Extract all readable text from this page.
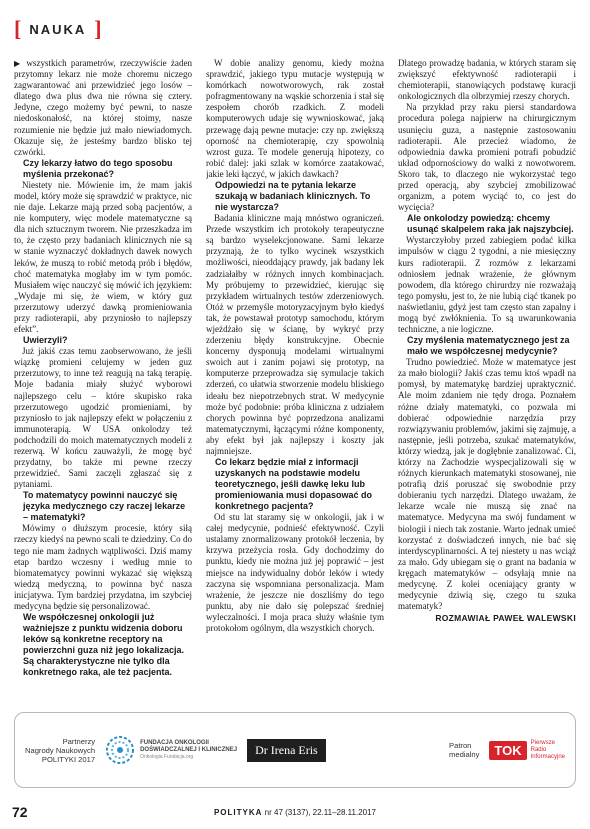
[ NAUKA ]

▶ wszystkich parametrów, rzeczywiście żaden przytomny lekarz nie może choremu niczego zagwarantować ani przewidzieć jego losów – dlatego dwa plus dwa nie równa się cztery. Jedyne, czego możemy być pewni, to nasze niedoskonałość, na której stoimy, nasze rozumienie nie będzie już mało niewiadomych. Okazuje się, że jesteśmy bardzo blisko tej czwórki.

Czy lekarzy łatwo do tego sposobu myślenia przekonać?

Niestety nie. Mówienie im, że mam jakiś model, który może się sprawdzić w praktyce, nic nie daje. Lekarze mają przed sobą pacjentów, a nie komputery, więc modele matematyczne są dla nich sztucznym tworem. Nie przeszkadza im to, że często przy badaniach klinicznych nie są w stanie wyznaczyć dokładnych dawek nowych leków, że muszą to robić metodą prób i błędów, choć matematyka mogłaby im w tym pomóc. Musiałem więc nauczyć się mówić ich językiem: „Wydaje mi się, że wiem, w który guz przerzutowy uderzyć dawką promieniowania przy radioterapii, aby przyniosło to najlepszy efekt”.

Uwierzyli?

Już jakiś czas temu zaobserwowano, że jeśli wiązkę promieni celujemy w jeden guz przerzutowy, to inne też reagują na taką terapię. Moje badania miały służyć wyborowi najlepszego celu – które skupisko raka przerzutowego ugodzić promieniami, by przyniosło to jak najlepszy efekt w połączeniu z immunoterapią. W USA onkolodzy też podchodzili do moich matematycznych modeli z rezerwą. W końcu zauważyli, że mogę być przydatny, bo także mi pewne rzeczy przewidzieć. Sami zaczęli zgłaszać się z pytaniami.

To matematycy powinni nauczyć się języka medycznego czy raczej lekarze – matematyki?

Mówimy o dłuższym procesie, który siłą rzeczy kiedyś na pewno scali te dziedziny. Co do tego nie mam żadnych wątpliwości. Dziś mamy etap bardzo wczesny i według mnie to biomatematycy powinni wykazać się większą wiedzą medyczną, to powinna być nasza inicjatywa. Tym bardziej przydatna, im szybciej medycyna będzie się personalizować.

We współczesnej onkologii już ważniejsze z punktu widzenia doboru leków są konkretne receptory na powierzchni guza niż jego lokalizacja. Są charakterystyczne nie tylko dla konkretnego raka, ale też pacjenta.

W dobie analizy genomu, kiedy można sprawdzić, jakiego typu mutacje występują w komórkach nowotworowych, rak został pofragmentowany na wąskie schorzenia i stał się zespołem chorób rzadkich. Z modeli komputerowych udaje się wywnioskować, jaką przewagę dają pewne mutacje: czy np. zwiększą oporność na chemioterapię, czy spowolnią wzrost guza. Te modele generują hipotezy, co robić dalej: jaki szlak w komórce zaatakować, jakie leki łączyć, w jakich dawkach?

Odpowiedzi na te pytania lekarze szukają w badaniach klinicznych. To nie wystarcza?

Badania kliniczne mają mnóstwo ograniczeń. Przede wszystkim ich protokoły terapeutyczne są bardzo wyselekcjonowane. Sami lekarze przyznają, że to tylko wycinek wszystkich możliwości, nieoddający prawdy, jak badany lek zadziałałby w różnych innych kombinacjach. My próbujemy to przewidzieć, kierując się przykładem wirtualnych testów zderzeniowych. Otóż w przemyśle motoryzacyjnym było kiedyś tak, że powstawał prototyp samochodu, którym wjeżdżało się w ścianę, by wykryć przy zderzeniu błędy konstrukcyjne. Obecnie koncerny dysponują modelami wirtualnymi swoich aut i zanim pojawi się prototyp, na komputerze przeprowadza się symulacje takich zderzeń, co ułatwia stworzenie modelu bliskiego ideału bez niepotrzebnych strat. W medycynie może być podobnie: próba kliniczna z udziałem chorych powinna być poprzedzona analizami matematycznymi, łączącymi różne komponenty, aby efekt był jak najlepszy i koszty jak najmniejsze.

Co lekarz będzie miał z informacji uzyskanych na podstawie modelu teoretycznego, jeśli dawkę leku lub promieniowania musi dopasować do konkretnego pacjenta?

Od stu lat staramy się w onkologii, jak i w całej medycynie, podnieść efektywność. Czyli ustalamy znormalizowany protokół leczenia, by krzywa przeżycia rosła. Gdy dochodzimy do punktu, kiedy nie można już jej poprawić – jest miejsce na indywidualny dobór leków i wtedy zaczyna się wspomniana personalizacja. Mam wrażenie, że jeszcze nie doszliśmy do tego punktu, aby nie dało się polepszać średniej wyleczalności. I moja praca służy właśnie tym protokołom ogólnym, dla wszystkich chorych.

Dlatego prowadzę badania, w których staram się zwiększyć efektywność radioterapii i chemioterapii, stanowiących podstawę kuracji onkologicznych dla olbrzymiej rzeszy chorych.

Na przykład przy raku piersi standardowa procedura polega najpierw na chirurgicznym usunięciu guza, a następnie zastosowaniu radioterapii. Ale przecież wiadomo, że odpowiednia dawka promieni potrafi pobudzić układ odpornościowy do walki z nowotworem. Skoro tak, to dlaczego nie wykorzystać tego przed operacją, aby szybciej zmobilizować organizm, a potem wyciąć to, co jest do wycięcia?

Ale onkolodzy powiedzą: chcemy usunąć skalpelem raka jak najszybciej.

Wystarczyłoby przed zabiegiem podać kilka impulsów w ciągu 2 tygodni, a nie miesięczny kurs radioterapii. Z rozmów z lekarzami odniosłem jednak wrażenie, że głównym powodem, dla którego chirurdzy nie rozważają tego pomysłu, jest to, że nie lubią ciąć tkanek po naświetlaniu, gdyż jest tam często stan zapalny i mogą być zwłóknienia. To są uwarunkowania techniczne, a nie logiczne.

Czy myślenia matematycznego jest za mało we współczesnej medycynie?

Trudno powiedzieć. Może w matematyce jest za mało biologii? Jakiś czas temu ktoś wpadł na pomysł, by matematykę bardziej upraktycznić. Ale moim zdaniem nie tędy droga. Poznałem różne działy matematyki, co pozwala mi dobierać odpowiednie narzędzia przy rozwiązywaniu problemów, jakimi się zajmuję, a następnie, jeśli potrzeba, szukać matematyków, którzy wiedzą, jak je dogłębnie zanalizować. Ci, którzy na Zachodzie wyspecjalizowali się w różnych kierunkach matematyki stosowanej, nie potrafią dziś poruszać się swobodnie przy dobieraniu tych narzędzi. Dlatego uważam, że lekarze wcale nie muszą się znać na matematyce. Medycyna ma swój fundament w biologii i niech tak zostanie. Warto jednak umieć korzystać z doświadczeń innych, nie bać się interdyscyplinarności. A tej niestety u nas wciąż za mało. Gdy ubiegam się o grant na badania w kręgach matematyków – odsyłają mnie na medycynę. Z kolei oceniający granty w medycynie dziwią się, czego tu szuka matematyk?

ROZMAWIAŁ PAWEŁ WALEWSKI
Partnerzy
Nagrody Naukowych
POLITYKI 2017
FUNDACJA ONKOLOGII
DOŚWIADCZALNEJ I KLINICZNEJ
Onkologia Fundacja.org
Dr Irena Eris	Patron
medialny	TOK	Pierwsze
Radio
Informacyjne
72	POLITYKA nr 47 (3137), 22.11–28.11.2017
